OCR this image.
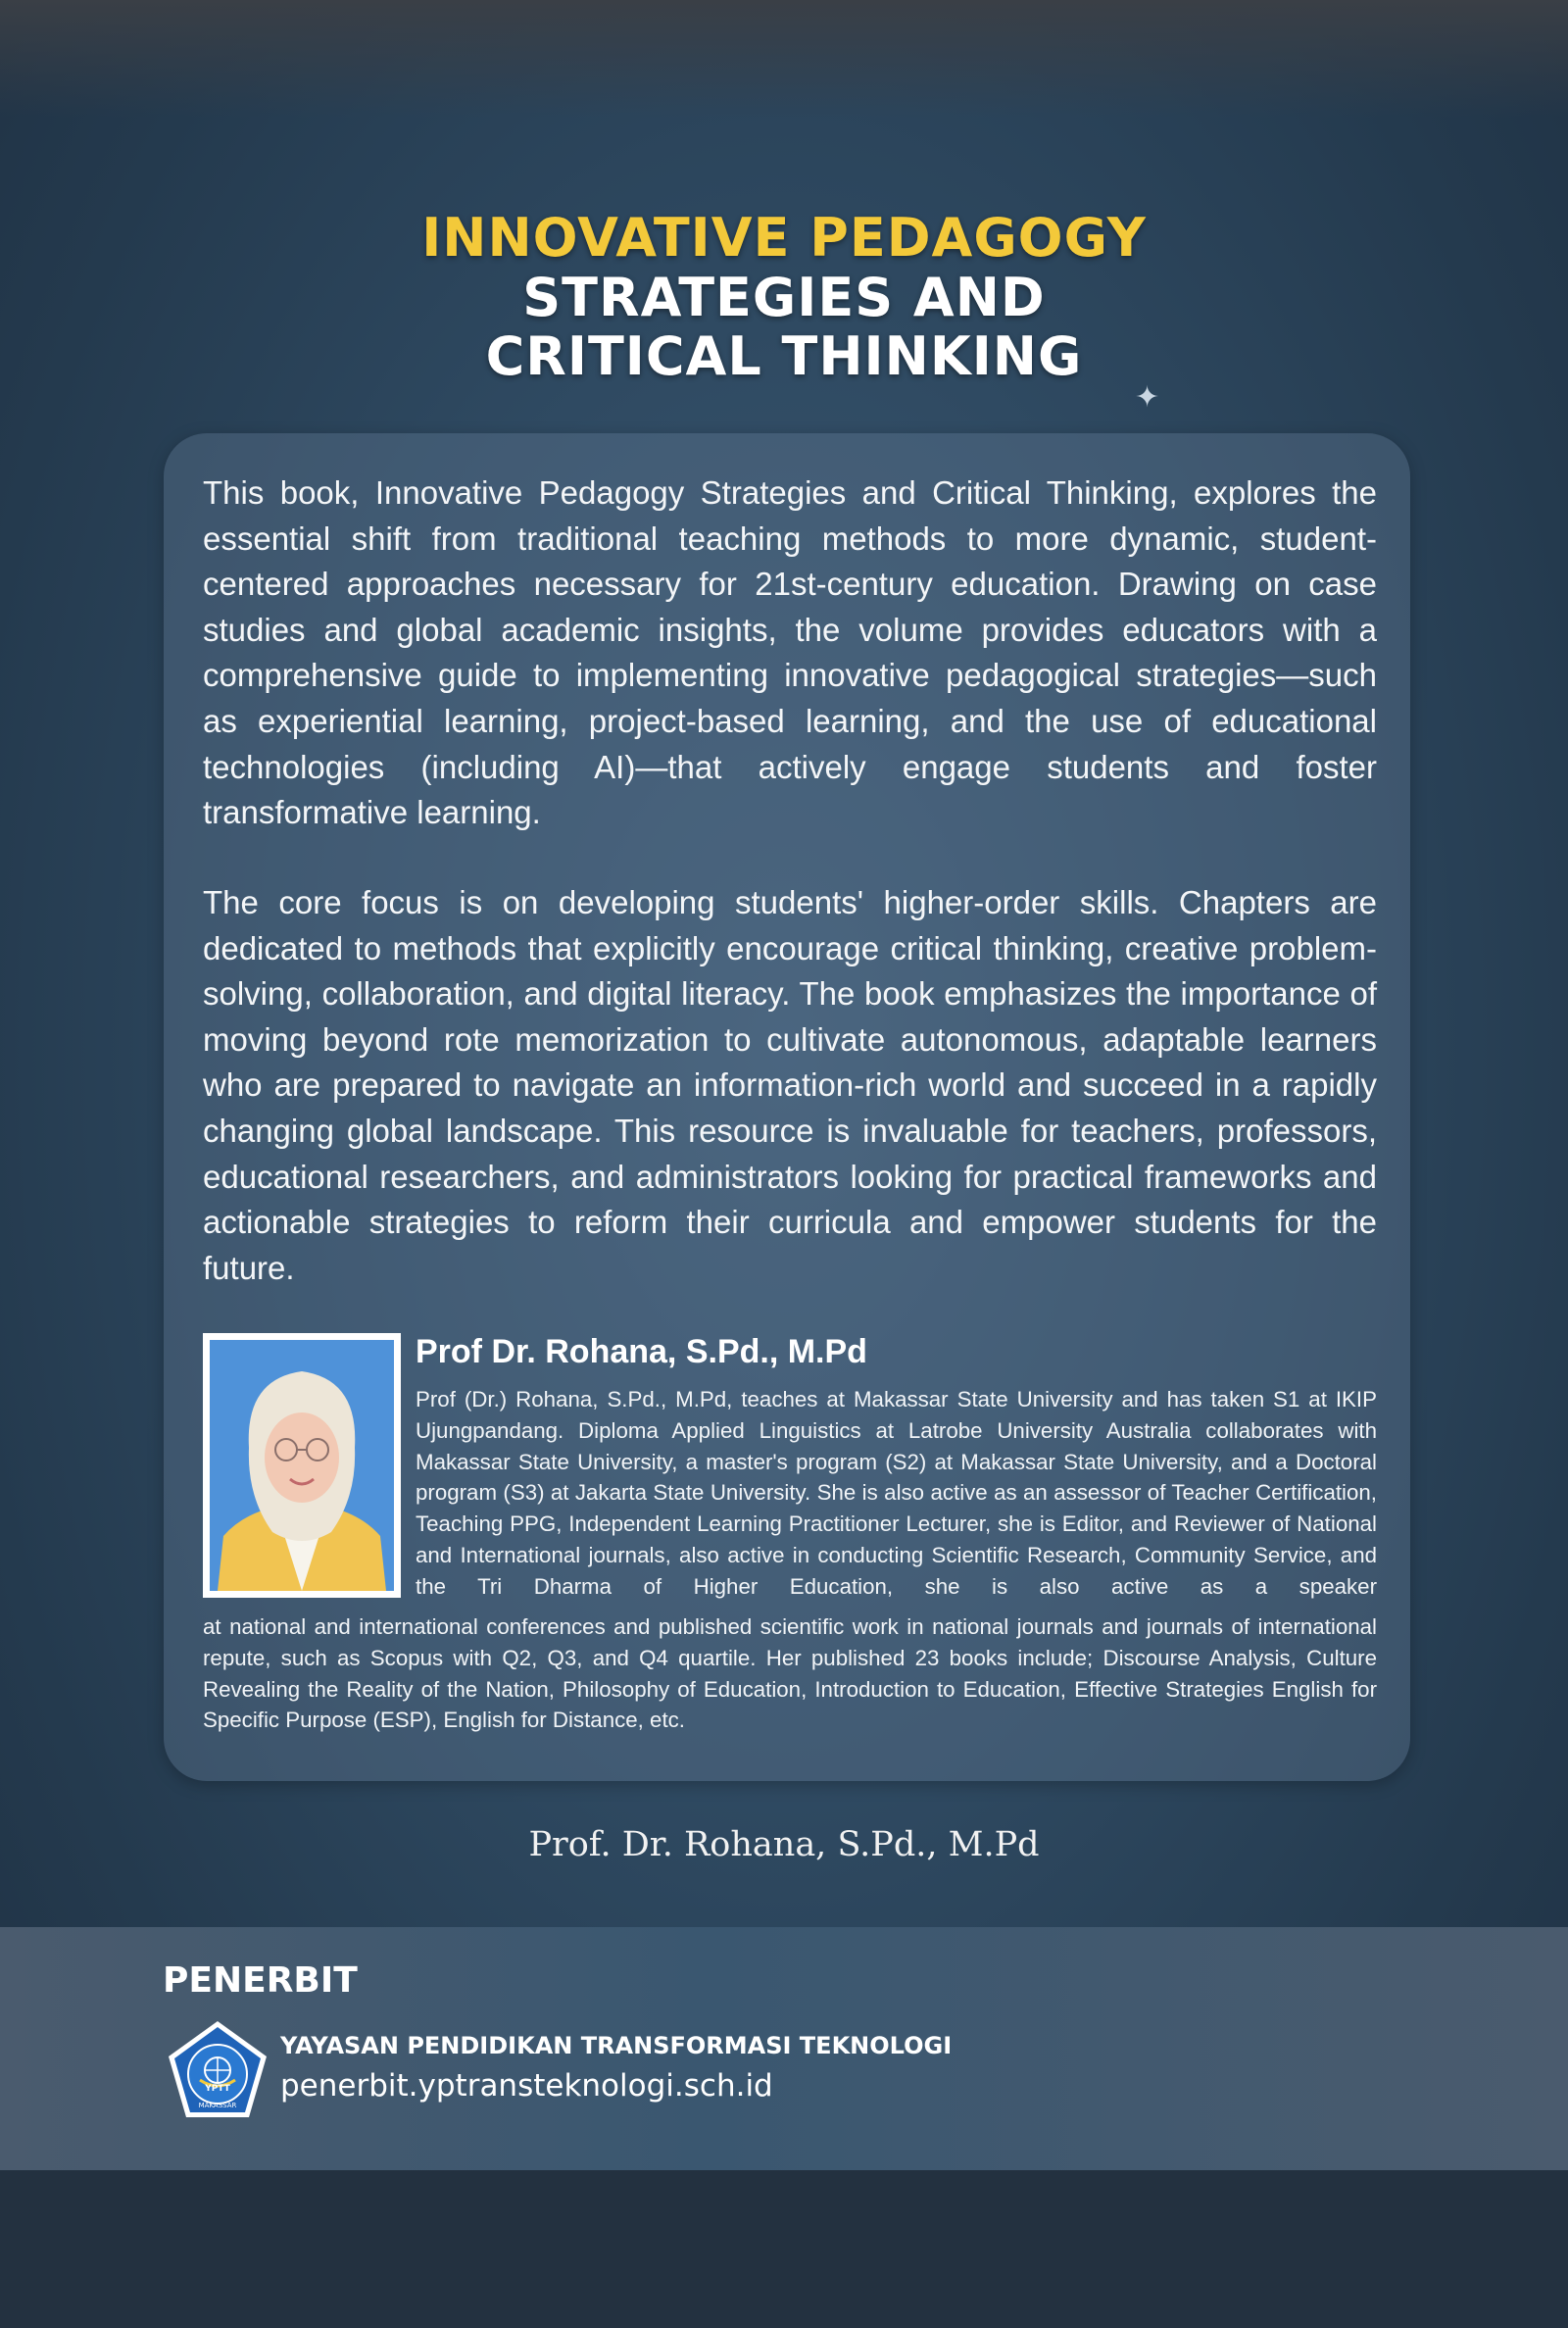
INNOVATIVE PEDAGOGY
STRATEGIES AND
CRITICAL THINKING
✦
This book, Innovative Pedagogy Strategies and Critical Thinking, explores the essential shift from traditional teaching methods to more dynamic, student-centered approaches necessary for 21st-century education. Drawing on case studies and global academic insights, the volume provides educators with a comprehensive guide to implementing innovative pedagogical strategies—such as experiential learning, project-based learning, and the use of educational technologies (including AI)—that actively engage students and foster transformative learning.
The core focus is on developing students' higher-order skills. Chapters are dedicated to methods that explicitly encourage critical thinking, creative problem-solving, collaboration, and digital literacy. The book emphasizes the importance of moving beyond rote memorization to cultivate autonomous, adaptable learners who are prepared to navigate an information-rich world and succeed in a rapidly changing global landscape. This resource is invaluable for teachers, professors, educational researchers, and administrators looking for practical frameworks and actionable strategies to reform their curricula and empower students for the future.
Prof Dr. Rohana, S.Pd., M.Pd
Prof (Dr.) Rohana, S.Pd., M.Pd, teaches at Makassar State University and has taken S1 at IKIP Ujungpandang. Diploma Applied Linguistics at Latrobe University Australia collaborates with Makassar State University, a master's program (S2) at Makassar State University, and a Doctoral program (S3) at Jakarta State University. She is also active as an assessor of Teacher Certification, Teaching PPG, Independent Learning Practitioner Lecturer, she is Editor, and Reviewer of National and International journals, also active in conducting Scientific Research, Community Service, and the Tri Dharma of Higher Education, she is also active as a speaker
at national and international conferences and published scientific work in national journals and journals of international repute, such as Scopus with Q2, Q3, and Q4 quartile. Her published 23 books include; Discourse Analysis, Culture Revealing the Reality of the Nation, Philosophy of Education, Introduction to Education, Effective Strategies English for Specific Purpose (ESP), English for Distance, etc.
Prof. Dr. Rohana, S.Pd., M.Pd
PENERBIT
YPTT
MAKASSAR
YAYASAN PENDIDIKAN TRANSFORMASI TEKNOLOGI
penerbit.yptransteknologi.sch.id
